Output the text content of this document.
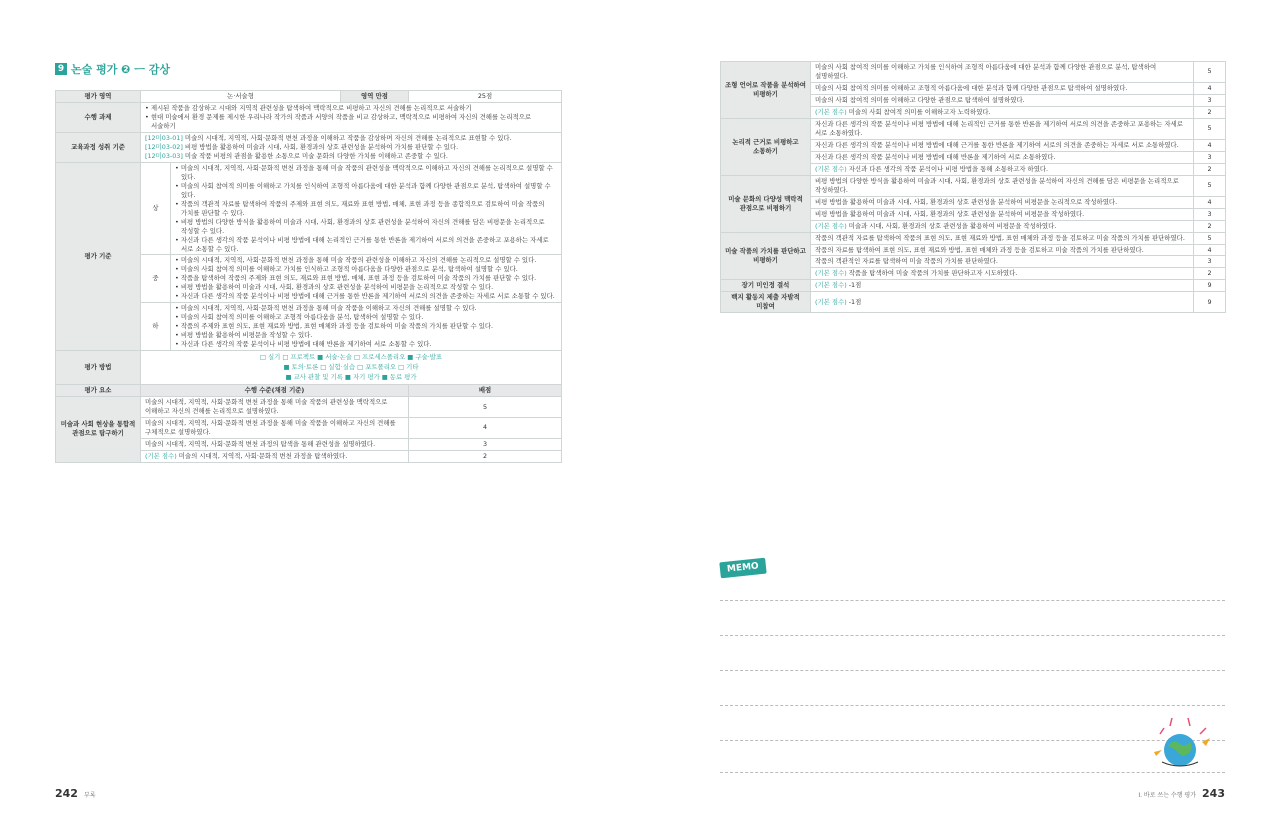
9 논술 평가 ❷ ㅡ 감상
평가 영역	논·서술형		영역 만점	25점
수행 과제	• 제시된 작품을 감상하고 시대와 지역적 관련성을 탐색하여 맥락적으로 비평하고 자신의 견해를 논리적으로 서술하기
• 현대 미술에서 환경 문제를 제시한 우리나라 작가의 작품과 서양의 작품을 비교 감상하고, 맥락적으로 비평하여 자신의 견해를 논리적으로 서술하기			

교육과정 성취 기준	[12미03-01] 미술의 시대적, 지역적, 사회·문화적 변천 과정을 이해하고 작품을 감상하며 자신의 견해를 논리적으로 표현할 수 있다.
[12미03-02] 비평 방법을 활용하여 미술과 시대, 사회, 환경과의 상호 관련성을 분석하여 가치를 판단할 수 있다.
[12미03-03] 미술 작품 비평의 관점을 활용한 소통으로 미술 문화의 다양한 가치를 이해하고 존중할 수 있다.			

평가 기준	상	• 미술의 시대적, 지역적, 사회·문화적 변천 과정을 통해 미술 작품의 관련성을 맥락적으로 이해하고 자신의 견해를 논리적으로 설명할 수 있다.
• 미술의 사회 참여적 의미를 이해하고 가치를 인식하여 조형적 아름다움에 대한 분석과 함께 다양한 관점으로 분석, 탐색하여 설명할 수 있다.
• 작품의 객관적 자료를 탐색하여 작품의 주제와 표현 의도, 재료와 표현 방법, 매체, 표현 과정 등을 종합적으로 검토하여 미술 작품의 가치를 판단할 수 있다.
• 비평 방법의 다양한 방식을 활용하여 미술과 시대, 사회, 환경과의 상호 관련성을 분석하여 자신의 견해를 담은 비평문을 논리적으로 작성할 수 있다.
• 자신과 다른 생각의 작품 분석이나 비평 방법에 대해 논리적인 근거를 통한 반론을 제기하여 서로의 의견을 존중하고 포용하는 자세로 서로 소통할 수 있다.		

	중	• 미술의 시대적, 지역적, 사회·문화적 변천 과정을 통해 미술 작품의 관련성을 이해하고 자신의 견해를 논리적으로 설명할 수 있다.
• 미술의 사회 참여적 의미를 이해하고 가치를 인식하고 조형적 아름다움을 다양한 관점으로 분석, 탐색하여 설명할 수 있다.
• 작품을 탐색하여 작품의 주제와 표현 의도, 재료와 표현 방법, 매체, 표현 과정 등을 검토하여 미술 작품의 가치를 판단할 수 있다.
• 비평 방법을 활용하여 미술과 시대, 사회, 환경과의 상호 관련성을 분석하여 비평문을 논리적으로 작성할 수 있다.
• 자신과 다른 생각의 작품 분석이나 비평 방법에 대해 근거를 통한 반론을 제기하여 서로의 의견을 존중하는 자세로 서로 소통할 수 있다.		

	하	• 미술의 시대적, 지역적, 사회·문화적 변천 과정을 통해 미술 작품을 이해하고 자신의 견해를 설명할 수 있다.
• 미술의 사회 참여적 의미를 이해하고 조형적 아름다움을 분석, 탐색하여 설명할 수 있다.
• 작품의 주제와 표현 의도, 표현 재료와 방법, 표현 매체와 과정 등을 검토하여 미술 작품의 가치를 판단할 수 있다.
• 비평 방법을 활용하여 비평문을 작성할 수 있다.
• 자신과 다른 생각의 작품 분석이나 비평 방법에 대해 반론을 제기하여 서로 소통할 수 있다.		

평가 방법	□ 실기 □ 프로젝트 ■ 서술·논술 □ 프로세스폴리오 ■ 구술·발표
■ 토의·토론 □ 실험·실습 □ 포트폴리오 □ 기타
■ 교사 관찰 및 기록 ■ 자기 평가 ■ 동료 평가			

평가 요소	수행 수준(채점 기준)			배점
미술과 사회 현상을 통합적 관점으로 탐구하기	미술의 시대적, 지역적, 사회·문화적 변천 과정을 통해 미술 작품의 관련성을 맥락적으로 이해하고 자신의 견해를 논리적으로 설명하였다.			5
	미술의 시대적, 지역적, 사회·문화적 변천 과정을 통해 미술 작품을 이해하고 자신의 견해를 구체적으로 설명하였다.			4
	미술의 시대적, 지역적, 사회·문화적 변천 과정의 탐색을 통해 관련성을 설명하였다.			3
	(기본 점수) 미술의 시대적, 지역적, 사회·문화적 변천 과정을 탐색하였다.			2
242 부록
조형 언어로 작품을 분석하여 비평하기	미술의 사회 참여적 의미를 이해하고 가치를 인식하여 조형적 아름다움에 대한 분석과 함께 다양한 관점으로 분석, 탐색하여 설명하였다.	5
	미술의 사회 참여적 의미를 이해하고 조형적 아름다움에 대한 분석과 함께 다양한 관점으로 탐색하여 설명하였다.	4
	미술의 사회 참여적 의미를 이해하고 다양한 관점으로 탐색하여 설명하였다.	3
	(기본 점수) 미술의 사회 참여적 의미를 이해하고자 노력하였다.	2
논리적 근거로 비평하고 소통하기	자신과 다른 생각의 작품 분석이나 비평 방법에 대해 논리적인 근거를 통한 반론을 제기하여 서로의 의견을 존중하고 포용하는 자세로 서로 소통하였다.	5
	자신과 다른 생각의 작품 분석이나 비평 방법에 대해 근거를 통한 반론을 제기하여 서로의 의견을 존중하는 자세로 서로 소통하였다.	4
	자신과 다른 생각의 작품 분석이나 비평 방법에 대해 반론을 제기하여 서로 소통하였다.	3
	(기본 점수) 자신과 다른 생각의 작품 분석이나 비평 방법을 통해 소통하고자 하였다.	2
미술 문화의 다양성 맥락적 관점으로 비평하기	비평 방법의 다양한 방식을 활용하여 미술과 시대, 사회, 환경과의 상호 관련성을 분석하여 자신의 견해를 담은 비평문을 논리적으로 작성하였다.	5
	비평 방법을 활용하여 미술과 시대, 사회, 환경과의 상호 관련성을 분석하여 비평문을 논리적으로 작성하였다.	4
	비평 방법을 활용하여 미술과 시대, 사회, 환경과의 상호 관련성을 분석하여 비평문을 작성하였다.	3
	(기본 점수) 미술과 시대, 사회, 환경과의 상호 관련성을 활용하여 비평문을 작성하였다.	2
미술 작품의 가치를 판단하고 비평하기	작품의 객관적 자료를 탐색하여 작품의 표현 의도, 표현 재료와 방법, 표현 매체와 과정 등을 검토하고 미술 작품의 가치를 판단하였다.	5
	작품의 자료를 탐색하여 표현 의도, 표현 재료와 방법, 표현 매체와 과정 등을 검토하고 미술 작품의 가치를 판단하였다.	4
	작품의 객관적인 자료를 탐색하여 미술 작품의 가치를 판단하였다.	3
	(기본 점수) 작품을 탐색하여 미술 작품의 가치를 판단하고자 시도하였다.	2
장기 미인정 결석	(기본 점수) -1점	9
백지 활동지 제출 자발적 미참여	(기본 점수) -1점	9
MEMO
I. 바로 쓰는 수행 평가 243
